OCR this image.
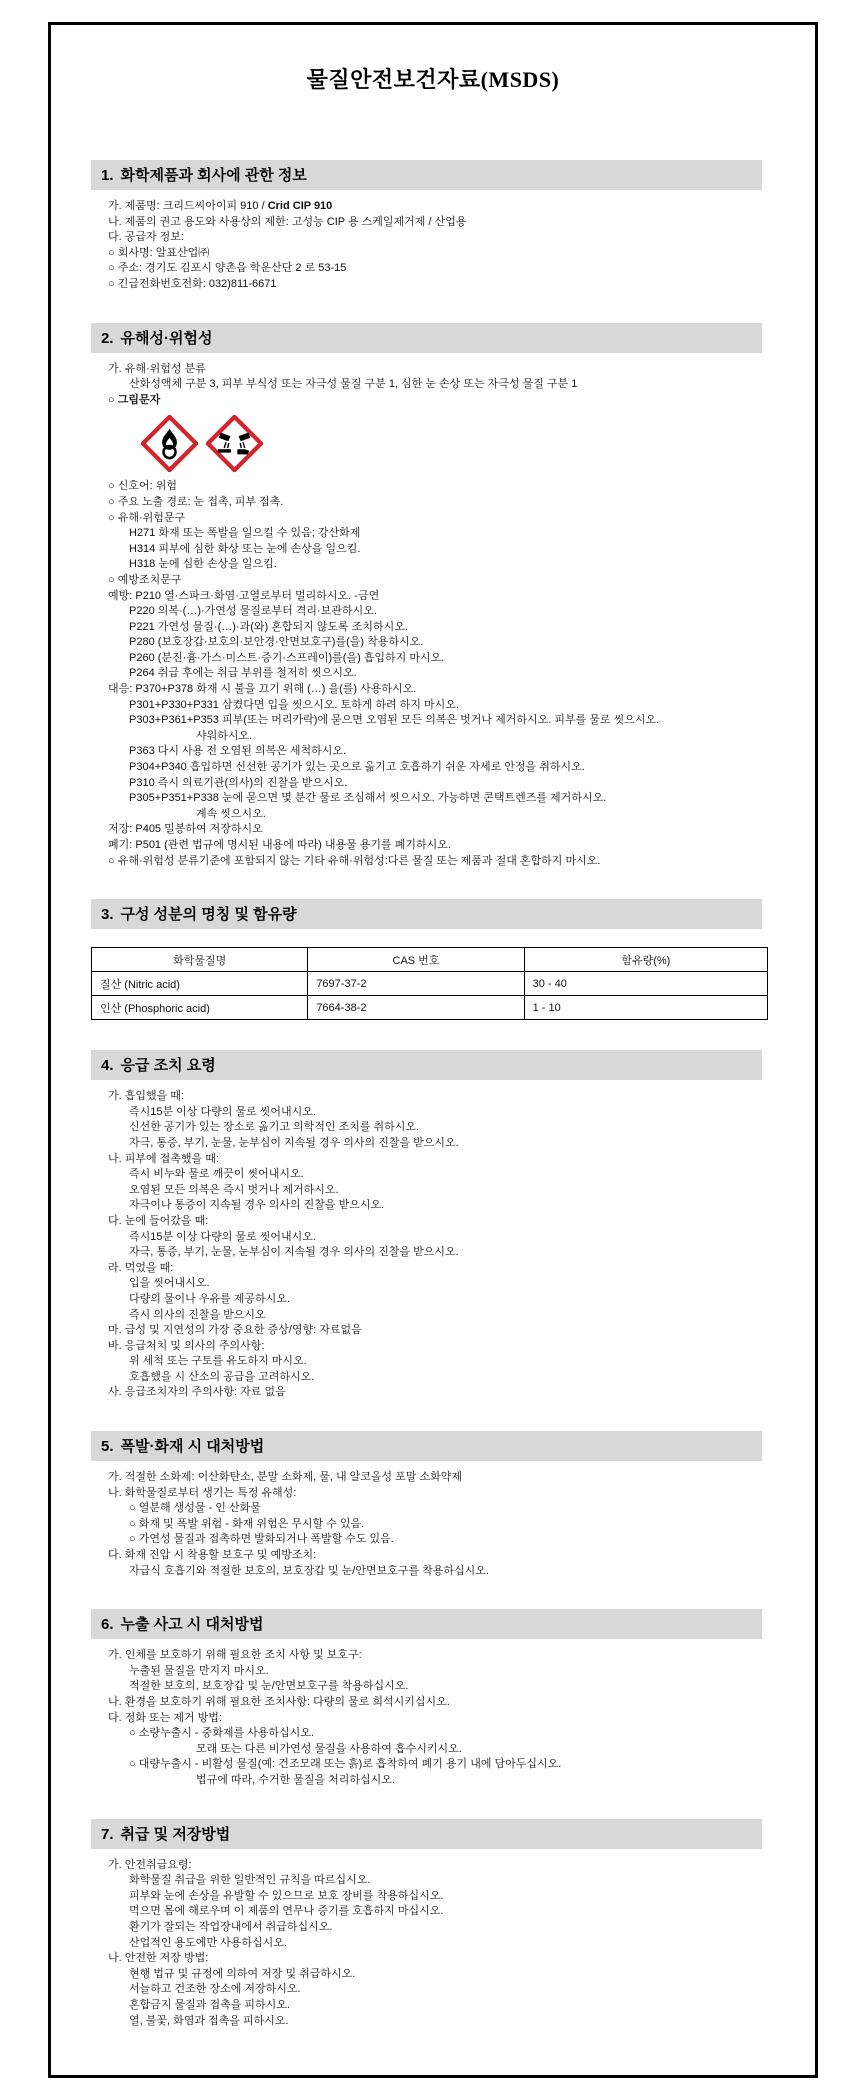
물질안전보건자료(MSDS)
1. 화학제품과 회사에 관한 정보
가. 제품명: 크리드씨아이피 910 / Crid CIP 910
나. 제품의 권고 용도와 사용상의 제한: 고성능 CIP 용 스케일제거제 / 산업용
다. 공급자 정보:
○ 회사명: 알표산업㈜
○ 주소: 경기도 김포시 양촌읍 학운산단 2 로 53-15
○ 긴급전화번호전화: 032)811-6671
2. 유해성·위험성
가. 유해·위험성 분류
산화성액체 구분 3, 피부 부식성 또는 자극성 물질 구분 1, 심한 눈 손상 또는 자극성 물질 구분 1
○ 그림문자
○ 신호어: 위험
○ 주요 노출 경로: 눈 접촉, 피부 접촉.
○ 유해·위험문구
H271 화재 또는 폭발을 일으킬 수 있음; 강산화제
H314 피부에 심한 화상 또는 눈에 손상을 일으킴.
H318 눈에 심한 손상을 일으킴.
○ 예방조치문구
예방: P210 열·스파크·화염·고열로부터 멀리하시오. -금연
P220 의복·(…)·가연성 물질로부터 격리·보관하시오.
P221 가연성 물질·(…)·과(와) 혼합되지 않도록 조치하시오.
P280 (보호장갑·보호의·보안경·안면보호구)를(을) 착용하시오.
P260 (분진·흄·가스·미스트·증기·스프레이)를(을) 흡입하지 마시오.
P264 취급 후에는 취급 부위를 철저히 씻으시오.
대응: P370+P378 화재 시 불을 끄기 위해 (…) 을(를) 사용하시오.
P301+P330+P331 삼켰다면 입을 씻으시오. 토하게 하려 하지 마시오.
P303+P361+P353 피부(또는 머리카락)에 묻으면 오염된 모든 의복은 벗거나 제거하시오. 피부를 물로 씻으시오.
샤워하시오.
P363 다시 사용 전 오염된 의복은 세척하시오.
P304+P340 흡입하면 신선한 공기가 있는 곳으로 옮기고 호흡하기 쉬운 자세로 안정을 취하시오.
P310 즉시 의료기관(의사)의 진찰을 받으시오.
P305+P351+P338 눈에 묻으면 몇 분간 물로 조심해서 씻으시오. 가능하면 콘택트렌즈를 제거하시오.
계속 씻으시오.
저장: P405 밀봉하여 저장하시오
폐기: P501 (관련 법규에 명시된 내용에 따라) 내용물 용기를 폐기하시오.
○ 유해·위험성 분류기준에 포함되지 않는 기타 유해·위험성:다른 물질 또는 제품과 절대 혼합하지 마시오.
3. 구성 성분의 명칭 및 함유량
화학물질명	CAS 번호	함유량(%)
질산 (Nitric acid)	7697-37-2	30 - 40
인산 (Phosphoric acid)	7664-38-2	1 - 10
4. 응급 조치 요령
가. 흡입했을 때:
즉시15분 이상 다량의 물로 씻어내시오.
신선한 공기가 있는 장소로 옮기고 의학적인 조치를 취하시오.
자극, 통증, 부기, 눈물, 눈부심이 지속될 경우 의사의 진찰을 받으시오.
나. 피부에 접촉했을 때:
즉시 비누와 물로 깨끗이 씻어내시오.
오염된 모든 의복은 즉시 벗거나 제거하시오.
자극이나 통증이 지속될 경우 의사의 진찰을 받으시오.
다. 눈에 들어갔을 때:
즉시15분 이상 다량의 물로 씻어내시오.
자극, 통증, 부기, 눈물, 눈부심이 지속될 경우 의사의 진찰을 받으시오.
라. 먹었을 때:
입을 씻어내시오.
다량의 물이나 우유를 제공하시오.
즉시 의사의 진찰을 받으시오
마. 급성 및 지연성의 가장 중요한 증상/영향: 자료없음
바. 응급처치 및 의사의 주의사항:
위 세척 또는 구토를 유도하지 마시오.
호흡했을 시 산소의 공급을 고려하시오.
사. 응급조치자의 주의사항: 자료 없음
5. 폭발·화재 시 대처방법
가. 적절한 소화제: 이산화탄소, 분말 소화제, 물, 내 알코올성 포말 소화약제
나. 화학물질로부터 생기는 특정 유해성:
○ 열분해 생성물 - 인 산화물
○ 화재 및 폭발 위험 - 화재 위험은 무시할 수 있음.
○ 가연성 물질과 접촉하면 발화되거나 폭발할 수도 있음.
다. 화재 진압 시 착용할 보호구 및 예방조치:
자급식 호흡기와 적절한 보호의, 보호장갑 및 눈/안면보호구를 착용하십시오.
6. 누출 사고 시 대처방법
가. 인체를 보호하기 위해 필요한 조치 사항 및 보호구:
누출된 물질을 만지지 마시오.
적절한 보호의, 보호장갑 및 눈/안면보호구를 착용하십시오.
나. 환경을 보호하기 위해 필요한 조치사항: 다량의 물로 희석시키십시오.
다. 정화 또는 제거 방법:
○ 소량누출시 - 중화제를 사용하십시오.
모래 또는 다른 비가연성 물질을 사용하여 흡수시키시오.
○ 대량누출시 - 비활성 물질(예: 건조모래 또는 흙)로 흡착하여 폐기 용기 내에 담아두십시오.
법규에 따라, 수거한 물질을 처리하십시오.
7. 취급 및 저장방법
가. 안전취급요령:
화학물질 취급을 위한 일반적인 규칙을 따르십시오.
피부와 눈에 손상을 유발할 수 있으므로 보호 장비를 착용하십시오.
먹으면 몸에 해로우며 이 제품의 연무나 증기를 호흡하지 마십시오.
환기가 잘되는 작업장내에서 취급하십시오.
산업적인 용도에만 사용하십시오.
나. 안전한 저장 방법:
현행 법규 및 규정에 의하여 저장 및 취급하시오.
서늘하고 건조한 장소에 저장하시오.
혼합금지 물질과 접촉을 피하시오.
열, 불꽃, 화염과 접촉을 피하시오.
